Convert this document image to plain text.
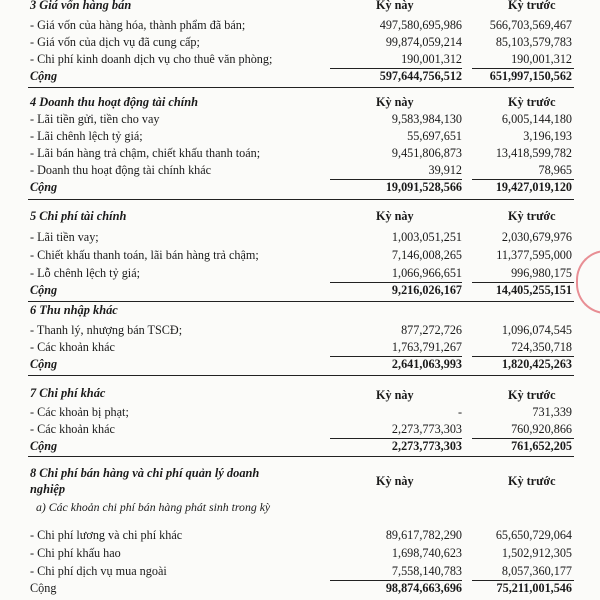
3 Giá vốn hàng bán	Kỳ này	Kỳ trước
- Giá vốn của hàng hóa, thành phẩm đã bán;	497,580,695,986 566,703,569,467
- Giá vốn của dịch vụ đã cung cấp;	99,874,059,214	85,103,579,783
- Chi phí kinh doanh dịch vụ cho thuê văn phòng;	190,001,312	190,001,312
Cộng	597,644,756,512 651,997,150,562
4 Doanh thu hoạt động tài chính	Kỳ này	Kỳ trước
- Lãi tiền gửi, tiền cho vay	9,583,984,130	6,005,144,180
- Lãi chênh lệch tỷ giá;	55,697,651	3,196,193
- Lãi bán hàng trả chậm, chiết khấu thanh toán;	9,451,806,873	13,418,599,782
- Doanh thu hoạt động tài chính khác	39,912	78,965
Cộng	19,091,528,566	19,427,019,120
5 Chi phí tài chính	Kỳ này	Kỳ trước
- Lãi tiền vay;	1,003,051,251	2,030,679,976
- Chiết khấu thanh toán, lãi bán hàng trả chậm;	7,146,008,265	11,377,595,000
- Lỗ chênh lệch tỷ giá;	1,066,966,651	996,980,175
Cộng	9,216,026,167	14,405,255,151
6 Thu nhập khác
- Thanh lý, nhượng bán TSCĐ;	877,272,726	1,096,074,545
- Các khoản khác	1,763,791,267	724,350,718
Cộng	2,641,063,993	1,820,425,263
7 Chi phí khác	Kỳ này	Kỳ trước
- Các khoản bị phạt;	-	731,339
- Các khoản khác	2,273,773,303	760,920,866
Cộng	2,273,773,303	761,652,205
8 Chi phí bán hàng và chi phí quản lý doanh nghiệp
Kỳ này	Kỳ trước
a) Các khoản chi phí bán hàng phát sinh trong kỳ
- Chi phí lương và chi phí khác	89,617,782,290	65,650,729,064
- Chi phí khấu hao	1,698,740,623	1,502,912,305
- Chi phí dịch vụ mua ngoài	7,558,140,783	8,057,360,177
Cộng	98,874,663,696	75,211,001,546
